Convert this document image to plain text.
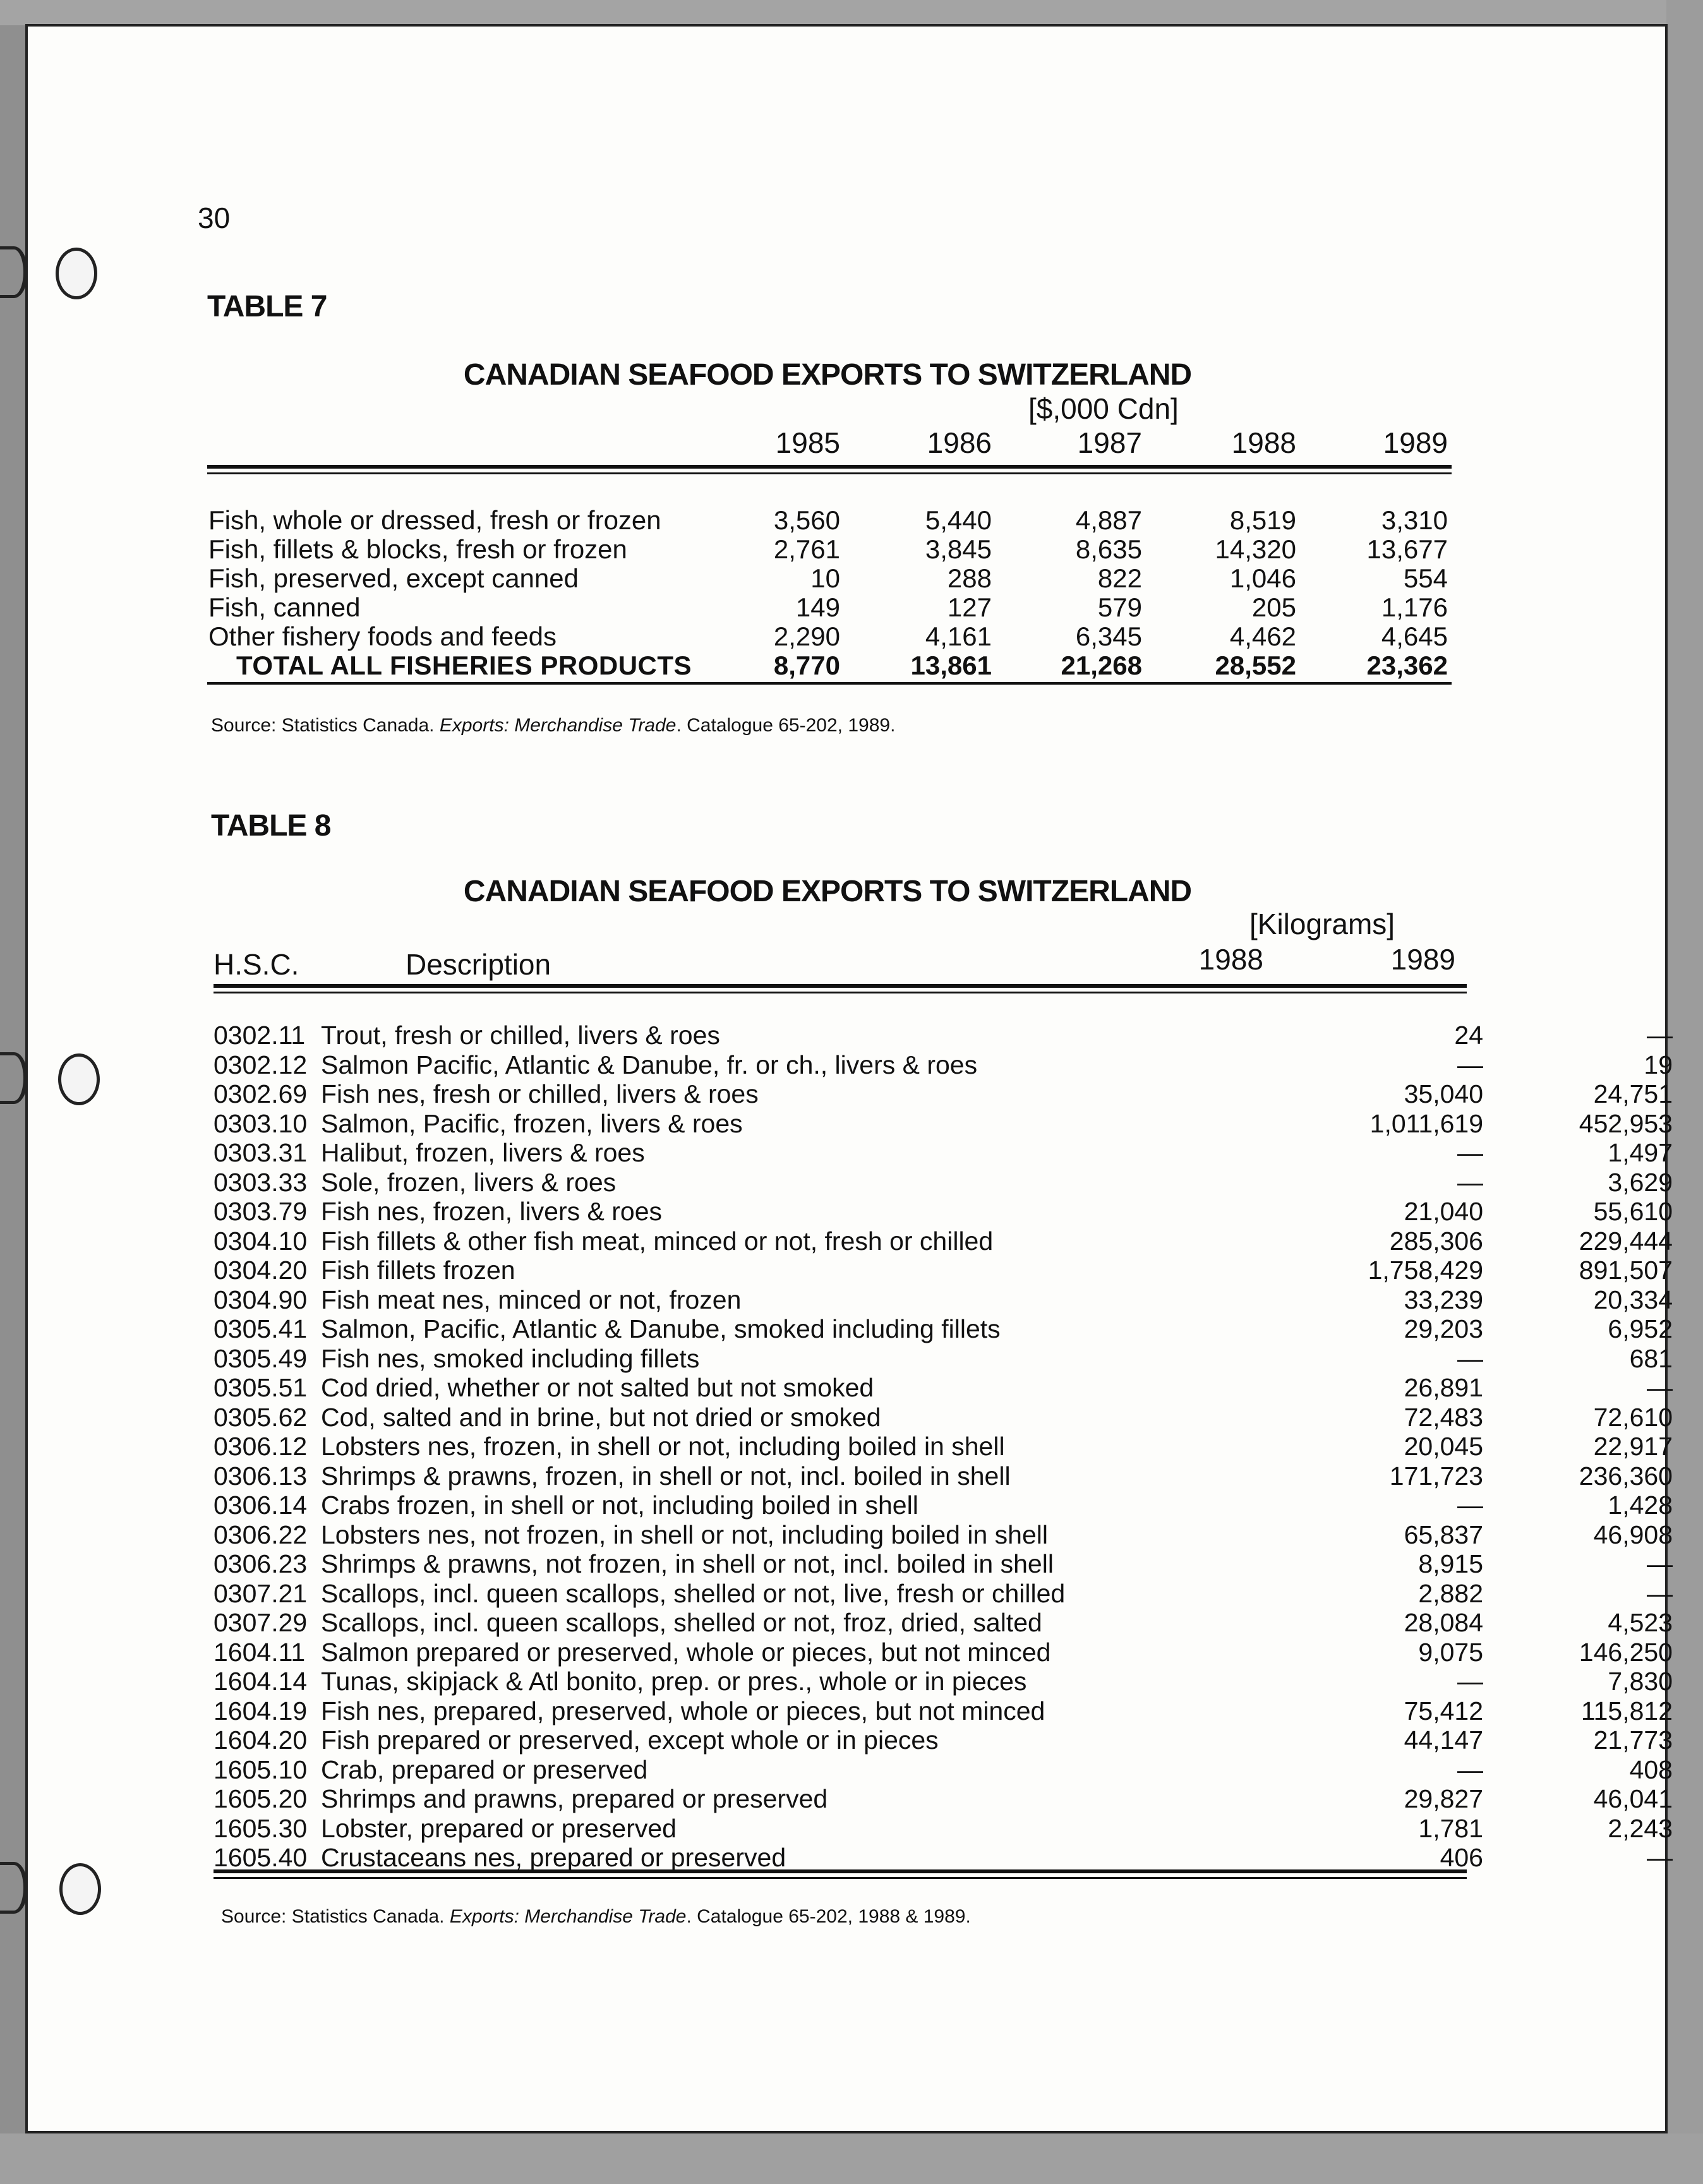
30
TABLE 7
CANADIAN SEAFOOD EXPORTS TO SWITZERLAND
[$,000 Cdn]
1985	1986	1987	1988	1989
Fish, whole or dressed, fresh or frozen	3,560	5,440	4,887	8,519	3,310
Fish, fillets & blocks, fresh or frozen	2,761	3,845	8,635	14,320	13,677
Fish, preserved, except canned	10	288	822	1,046	554
Fish, canned	149	127	579	205	1,176
Other fishery foods and feeds	2,290	4,161	6,345	4,462	4,645
TOTAL ALL FISHERIES PRODUCTS	8,770	13,861	21,268	28,552	23,362
Source: Statistics Canada. Exports: Merchandise Trade. Catalogue 65-202, 1989.
TABLE 8
CANADIAN SEAFOOD EXPORTS TO SWITZERLAND
[Kilograms]
H.S.C.	Description	1988	1989
0302.11 Trout, fresh or chilled, livers & roes	24	—
0302.12 Salmon Pacific, Atlantic & Danube, fr. or ch., livers & roes	—	19
0302.69 Fish nes, fresh or chilled, livers & roes	35,040	24,751
0303.10 Salmon, Pacific, frozen, livers & roes	1,011,619	452,953
0303.31 Halibut, frozen, livers & roes	—	1,497
0303.33 Sole, frozen, livers & roes	—	3,629
0303.79 Fish nes, frozen, livers & roes	21,040	55,610
0304.10 Fish fillets & other fish meat, minced or not, fresh or chilled	285,306	229,444
0304.20 Fish fillets frozen	1,758,429	891,507
0304.90 Fish meat nes, minced or not, frozen	33,239	20,334
0305.41 Salmon, Pacific, Atlantic & Danube, smoked including fillets	29,203	6,952
0305.49 Fish nes, smoked including fillets	—	681
0305.51 Cod dried, whether or not salted but not smoked	26,891	—
0305.62 Cod, salted and in brine, but not dried or smoked	72,483	72,610
0306.12 Lobsters nes, frozen, in shell or not, including boiled in shell	20,045	22,917
0306.13 Shrimps & prawns, frozen, in shell or not, incl. boiled in shell	171,723	236,360
0306.14 Crabs frozen, in shell or not, including boiled in shell	—	1,428
0306.22 Lobsters nes, not frozen, in shell or not, including boiled in shell	65,837	46,908
0306.23 Shrimps & prawns, not frozen, in shell or not, incl. boiled in shell	8,915	—
0307.21 Scallops, incl. queen scallops, shelled or not, live, fresh or chilled	2,882	—
0307.29 Scallops, incl. queen scallops, shelled or not, froz, dried, salted	28,084	4,523
1604.11 Salmon prepared or preserved, whole or pieces, but not minced	9,075	146,250
1604.14 Tunas, skipjack & Atl bonito, prep. or pres., whole or in pieces	—	7,830
1604.19 Fish nes, prepared, preserved, whole or pieces, but not minced	75,412	115,812
1604.20 Fish prepared or preserved, except whole or in pieces	44,147	21,773
1605.10 Crab, prepared or preserved	—	408
1605.20 Shrimps and prawns, prepared or preserved	29,827	46,041
1605.30 Lobster, prepared or preserved	1,781	2,243
1605.40 Crustaceans nes, prepared or preserved	406	—
Source: Statistics Canada. Exports: Merchandise Trade. Catalogue 65-202, 1988 & 1989.
